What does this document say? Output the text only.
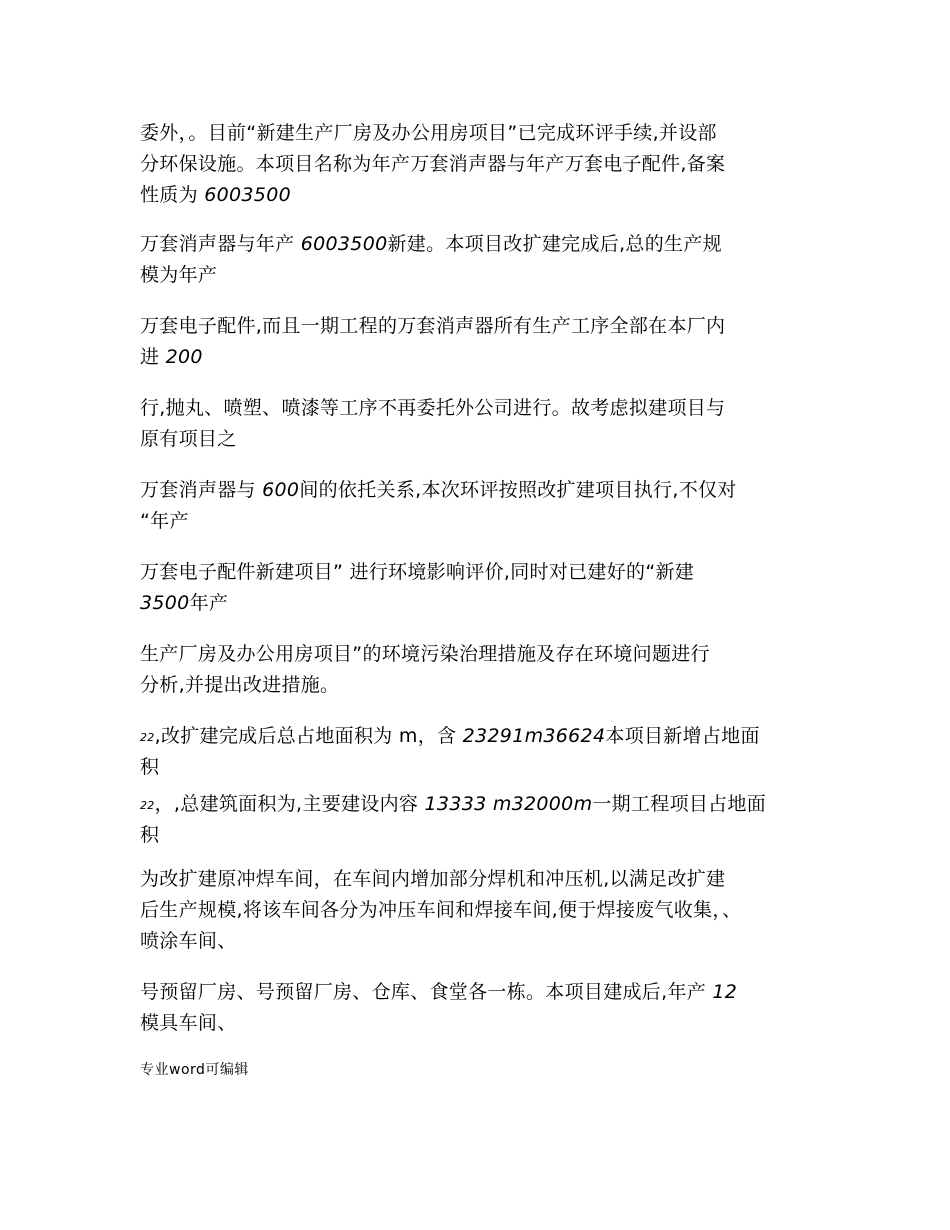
委外，。目前“新建生产厂房及办公用房项目”已完成环评手续,并设部
分环保设施。本项目名称为年产万套消声器与年产万套电子配件,备案
性质为 6003500
万套消声器与年产 6003500新建。本项目改扩建完成后,总的生产规
模为年产
万套电子配件,而且一期工程的万套消声器所有生产工序全部在本厂内
进 200
行,抛丸、喷塑、喷漆等工序不再委托外公司进行。故考虑拟建项目与
原有项目之
万套消声器与 600间的依托关系,本次环评按照改扩建项目执行,不仅对
“年产
万套电子配件新建项目” 进行环境影响评价,同时对已建好的“新建
3500年产
生产厂房及办公用房项目”的环境污染治理措施及存在环境问题进行
分析,并提出改进措施。
22,改扩建完成后总占地面积为 m，含 23291m36624本项目新增占地面
积
22，,总建筑面积为,主要建设内容 13333 m32000m一期工程项目占地面
积
为改扩建原冲焊车间，在车间内增加部分焊机和冲压机,以满足改扩建
后生产规模,将该车间各分为冲压车间和焊接车间,便于焊接废气收集，、
喷涂车间、
号预留厂房、号预留厂房、仓库、食堂各一栋。本项目建成后,年产 12
模具车间、
专业word可编辑
